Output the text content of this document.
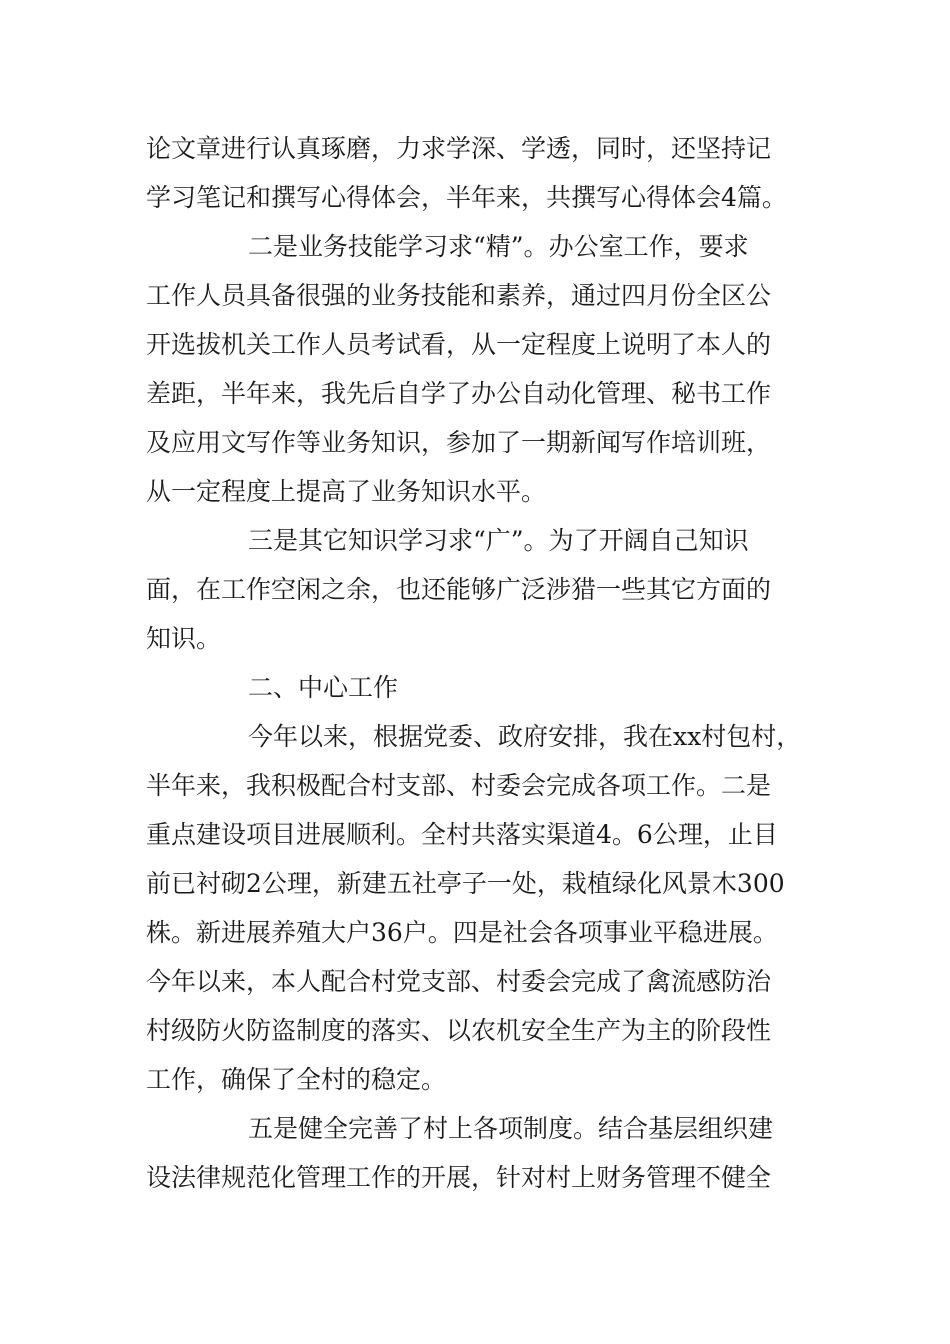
论文章进行认真琢磨，力求学深、学透，同时，还坚持记
学习笔记和撰写心得体会，半年来，共撰写心得体会4篇。
二是业务技能学习求“精”。办公室工作，要求
工作人员具备很强的业务技能和素养，通过四月份全区公
开选拔机关工作人员考试看，从一定程度上说明了本人的
差距，半年来，我先后自学了办公自动化管理、秘书工作
及应用文写作等业务知识，参加了一期新闻写作培训班，
从一定程度上提高了业务知识水平。
三是其它知识学习求“广”。为了开阔自己知识
面，在工作空闲之余，也还能够广泛涉猎一些其它方面的
知识。
二、中心工作
今年以来，根据党委、政府安排，我在xx村包村，
半年来，我积极配合村支部、村委会完成各项工作。二是
重点建设项目进展顺利。全村共落实渠道4。6公理，止目
前已衬砌2公理，新建五社亭子一处，栽植绿化风景木300
株。新进展养殖大户36户。四是社会各项事业平稳进展。
今年以来，本人配合村党支部、村委会完成了禽流感防治
村级防火防盗制度的落实、以农机安全生产为主的阶段性
工作，确保了全村的稳定。
五是健全完善了村上各项制度。结合基层组织建
设法律规范化管理工作的开展，针对村上财务管理不健全
